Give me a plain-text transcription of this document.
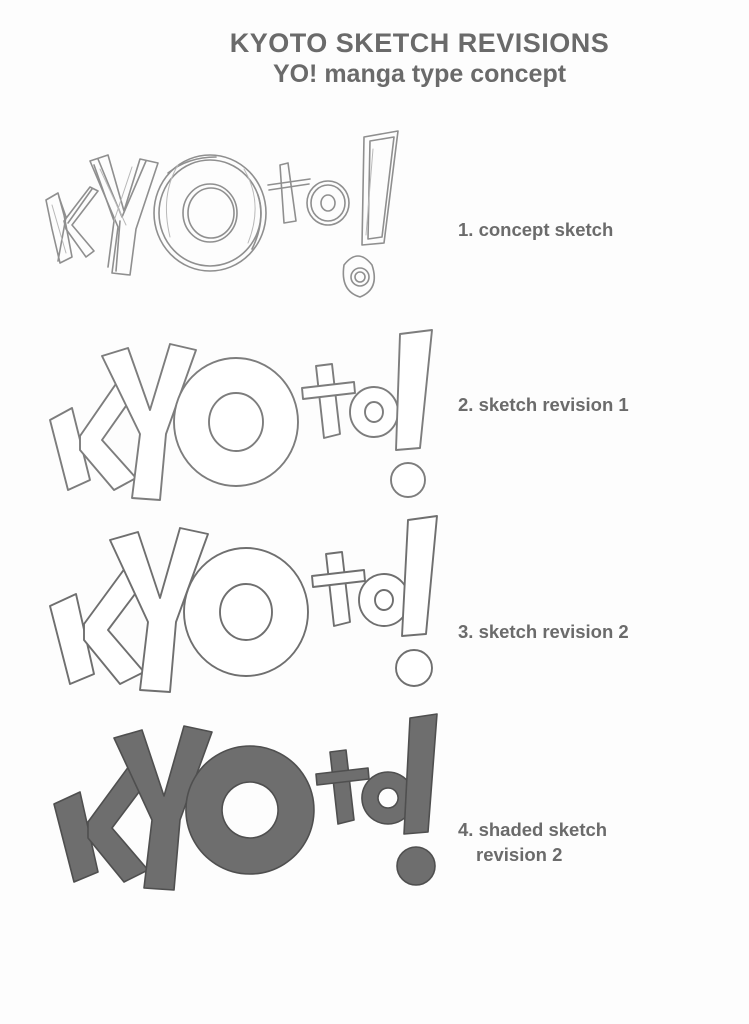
KYOTO SKETCH REVISIONS
YO! manga type concept
1. concept sketch
2. sketch revision 1
3. sketch revision 2
4. shaded sketch
revision 2
